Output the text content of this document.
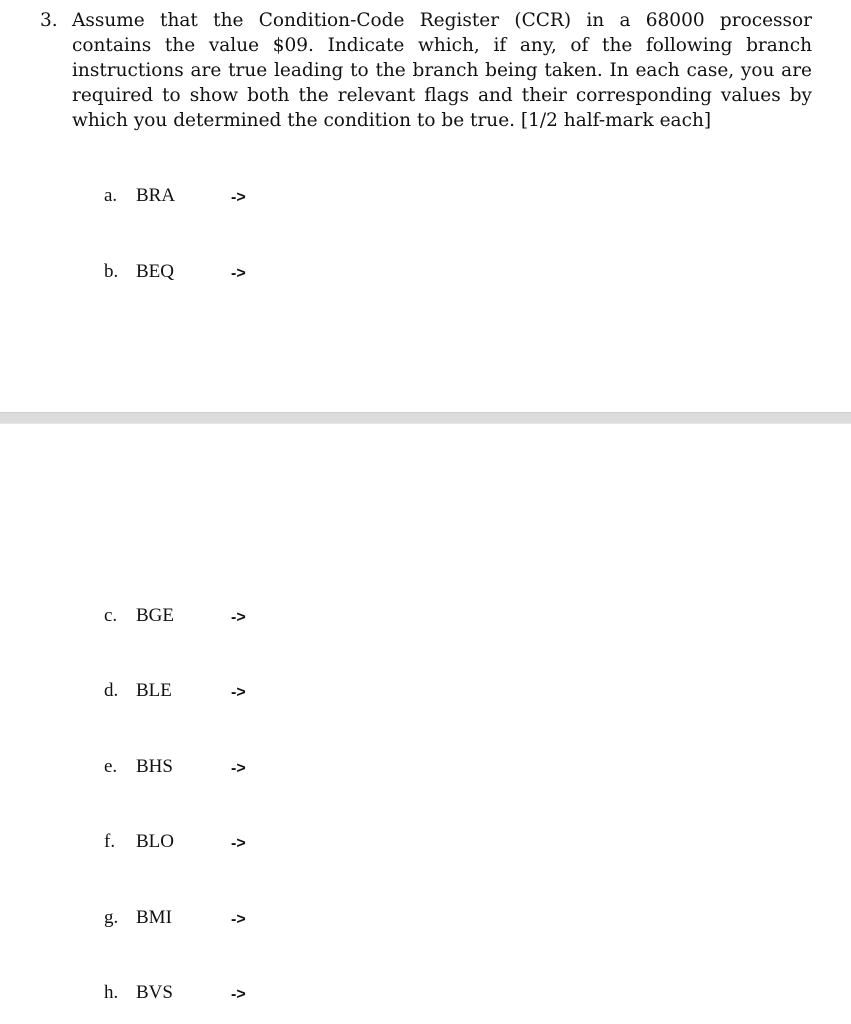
3. Assume that the Condition-Code Register (CCR) in a 68000 processor contains the value $09. Indicate which, if any, of the following branch instructions are true leading to the branch being taken. In each case, you are required to show both the relevant flags and their corresponding values by which you determined the condition to be true. [1/2 half-mark each]
a. BRA	->
b. BEQ	->
c. BGE	->
d. BLE	->
e. BHS	->
f. BLO	->
g. BMI	->
h. BVS	->
